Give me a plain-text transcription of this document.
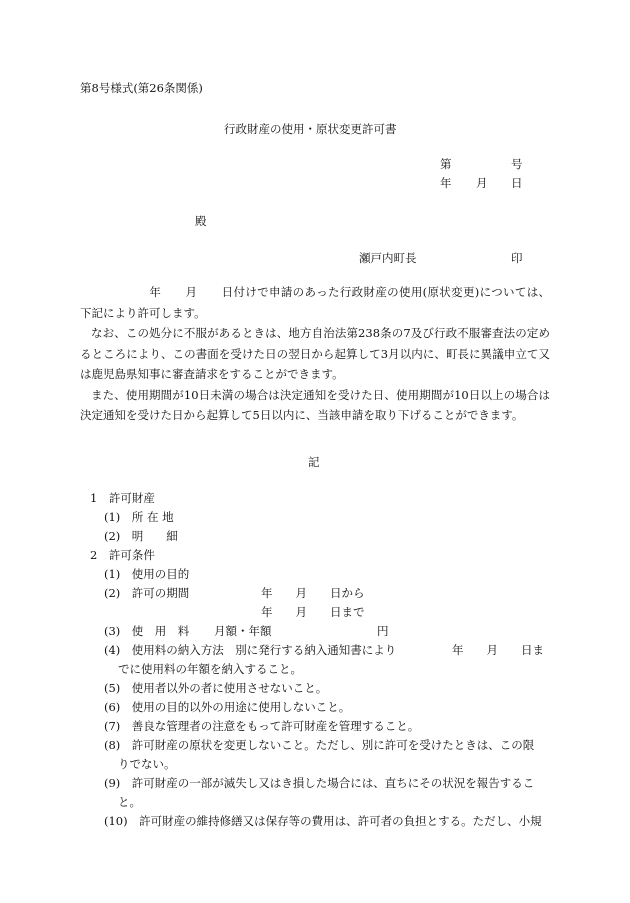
第8号様式(第26条関係)
行政財産の使用・原状変更許可書
第	号
年 月 日
殿
瀬戸内町長	印

年 月 日付けで申請のあった行政財産の使用(原状変更)については、下記により許可します。

なお、この処分に不服があるときは、地方自治法第238条の7及び行政不服審査法の定めるところにより、この書面を受けた日の翌日から起算して3月以内に、町長に異議申立て又は鹿児島県知事に審査請求をすることができます。

また、使用期間が10日未満の場合は決定通知を受けた日、使用期間が10日以上の場合は決定通知を受けた日から起算して5日以内に、当該申請を取り下げることができます。

記
1　許可財産
(1)　所 在 地
(2)　明　　細
2　許可条件
(1)　使用の目的
(2)　許可の期間	年　　月　　日から
年　　月　　日まで
(3)　使　用　料 月額・年額	円
(4)　使用料の納入方法　別に発行する納入通知書により	年　　月　　日ま
でに使用料の年額を納入すること。
(5)　使用者以外の者に使用させないこと。
(6)　使用の目的以外の用途に使用しないこと。
(7)　善良な管理者の注意をもって許可財産を管理すること。
(8)　許可財産の原状を変更しないこと。ただし、別に許可を受けたときは、この限
りでない。
(9)　許可財産の一部が滅失し又はき損した場合には、直ちにその状況を報告するこ
と。
(10)　許可財産の維持修繕又は保存等の費用は、許可者の負担とする。ただし、小規
